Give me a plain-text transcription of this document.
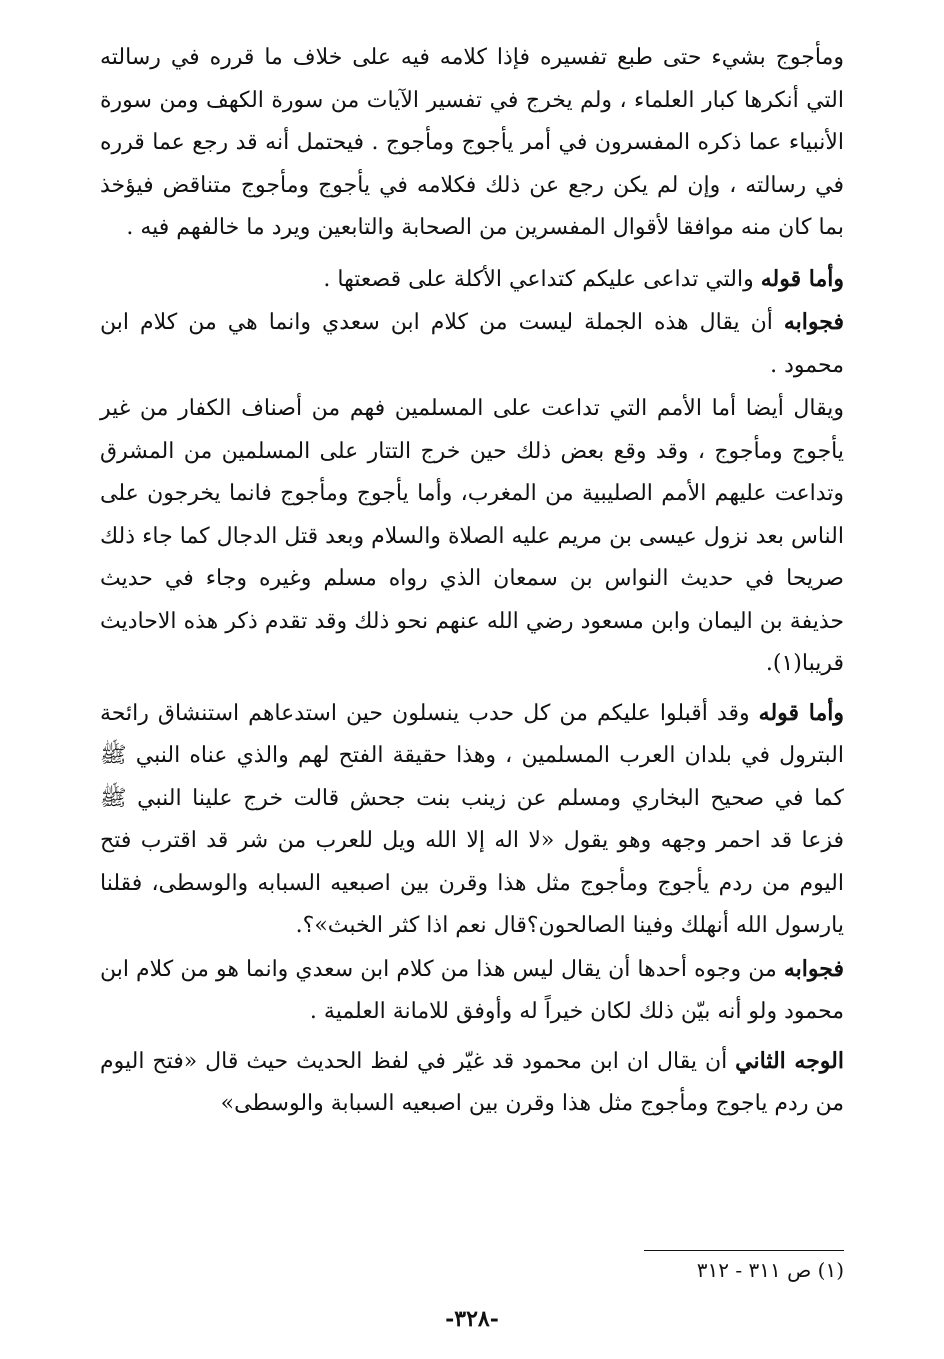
ومأجوج بشيء حتى طبع تفسيره فإذا كلامه فيه على خلاف ما قرره في رسالته التي أنكرها كبار العلماء ، ولم يخرج في تفسير الآيات من سورة الكهف ومن سورة الأنبياء عما ذكره المفسرون في أمر يأجوج ومأجوج . فيحتمل أنه قد رجع عما قرره في رسالته ، وإن لم يكن رجع عن ذلك فكلامه في يأجوج ومأجوج متناقض فيؤخذ بما كان منه موافقا لأقوال المفسرين من الصحابة والتابعين ويرد ما خالفهم فيه .

وأما قوله والتي تداعى عليكم كتداعي الأكلة على قصعتها .

فجوابه أن يقال هذه الجملة ليست من كلام ابن سعدي وانما هي من كلام ابن محمود .

ويقال أيضا أما الأمم التي تداعت على المسلمين فهم من أصناف الكفار من غير يأجوج ومأجوج ، وقد وقع بعض ذلك حين خرج التتار على المسلمين من المشرق وتداعت عليهم الأمم الصليبية من المغرب، وأما يأجوج ومأجوج فانما يخرجون على الناس بعد نزول عيسى بن مريم عليه الصلاة والسلام وبعد قتل الدجال كما جاء ذلك صريحا في حديث النواس بن سمعان الذي رواه مسلم وغيره وجاء في حديث حذيفة بن اليمان وابن مسعود رضي الله عنهم نحو ذلك وقد تقدم ذكر هذه الاحاديث قريبا(١).

وأما قوله وقد أقبلوا عليكم من كل حدب ينسلون حين استدعاهم استنشاق رائحة البترول في بلدان العرب المسلمين ، وهذا حقيقة الفتح لهم والذي عناه النبي ﷺ كما في صحيح البخاري ومسلم عن زينب بنت جحش قالت خرج علينا النبي ﷺ فزعا قد احمر وجهه وهو يقول «لا اله إلا الله ويل للعرب من شر قد اقترب فتح اليوم من ردم يأجوج ومأجوج مثل هذا وقرن بين اصبعيه السبابه والوسطى، فقلنا يارسول الله أنهلك وفينا الصالحون؟قال نعم اذا كثر الخبث»؟.

فجوابه من وجوه أحدها أن يقال ليس هذا من كلام ابن سعدي وانما هو من كلام ابن محمود ولو أنه بيّن ذلك لكان خيراً له وأوفق للامانة العلمية .

الوجه الثاني أن يقال ان ابن محمود قد غيّر في لفظ الحديث حيث قال «فتح اليوم من ردم ياجوج ومأجوج مثل هذا وقرن بين اصبعيه السبابة والوسطى»

(١) ص ٣١١ - ٣١٢
-٣٢٨-
